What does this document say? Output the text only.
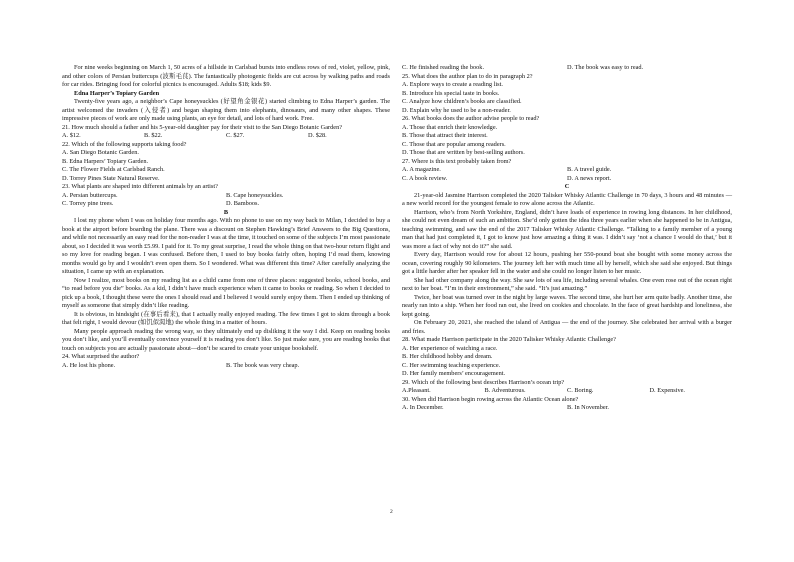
For nine weeks beginning on March 1, 50 acres of a hillside in Carlsbad bursts into endless rows of red, violet, yellow, pink, and other colors of Persian buttercups (波斯毛茛). The fantastically photogenic fields are cut across by walking paths and roads for car rides. Bringing food for colorful picnics is encouraged. Adults $18; kids $9.

Edna Harper’s Topiary Garden

Twenty-five years ago, a neighbor’s Cape honeysuckles (好望角金银花) started climbing to Edna Harper’s garden. The artist welcomed the invaders (入侵者) and began shaping them into elephants, dinosaurs, and many other shapes. These impressive pieces of work are only made using plants, an eye for detail, and lots of hard work. Free.

21. How much should a father and his 5-year-old daughter pay for their visit to the San Diego Botanic Garden?

A. $12.	B. $22.	C. $27.	D. $28.

22. Which of the following supports taking food?

A. San Diego Botanic Garden.

B. Edna Harpers’ Topiary Garden.

C. The Flower Fields at Carlsbad Ranch.

D. Torrey Pines State Natural Reserve.

23. What plants are shaped into different animals by an artist?

A. Persian buttercups.	B. Cape honeysuckles.
C. Torrey pine trees.	D. Bamboos.

B

I lost my phone when I was on holiday four months ago. With no phone to use on my way back to Milan, I decided to buy a book at the airport before boarding the plane. There was a discount on Stephen Hawking’s Brief Answers to the Big Questions, and while not necessarily an easy read for the non-reader I was at the time, it touched on some of the subjects I’m most passionate about, so I decided it was worth £5.99. I paid for it. To my great surprise, I read the whole thing on that two-hour return flight and so my love for reading began. I was confused. Before then, I used to buy books fairly often, hoping I’d read them, knowing months would go by and I wouldn’t even open them. So I wondered. What was different this time? After carefully analyzing the situation, I came up with an explanation.

Now I realize, most books on my reading list as a child came from one of three places: suggested books, school books, and “to read before you die” books. As a kid, I didn’t have much experience when it came to books or reading. So when I decided to pick up a book, I thought these were the ones I should read and I believed I would surely enjoy them. Then I ended up thinking of myself as someone that simply didn’t like reading.

It is obvious, in hindsight (在事后看来), that I actually really enjoyed reading. The few times I got to skim through a book that felt right, I would devour (如饥似渴地) the whole thing in a matter of hours.

Many people approach reading the wrong way, so they ultimately end up disliking it the way I did. Keep on reading books you don’t like, and you’ll eventually convince yourself it is reading you don’t like. So just make sure, you are reading books that touch on subjects you are actually passionate about—don’t be scared to create your unique bookshelf.

24. What surprised the author?

A. He lost his phone.	B. The book was very cheap.
C. He finished reading the book.	D. The book was easy to read.

25. What does the author plan to do in paragraph 2?

A. Explore ways to create a reading list.

B. Introduce his special taste in books.

C. Analyze how children’s books are classified.

D. Explain why he used to be a non-reader.

26. What books does the author advise people to read?

A. Those that enrich their knowledge.

B. Those that attract their interest.

C. Those that are popular among readers.

D. Those that are written by best-selling authors.

27. Where is this text probably taken from?

A. A magazine.	B. A travel guide.
C. A book review.	D. A news report.

C

21-year-old Jasmine Harrison completed the 2020 Talisker Whisky Atlantic Challenge in 70 days, 3 hours and 48 minutes — a new world record for the youngest female to row alone across the Atlantic.

Harrison, who’s from North Yorkshire, England, didn’t have loads of experience in rowing long distances. In her childhood, she could not even dream of such an ambition. She’d only gotten the idea three years earlier when she happened to be in Antigua, teaching swimming, and saw the end of the 2017 Talisker Whisky Atlantic Challenge. “Talking to a family member of a young man that had just completed it, I got to know just how amazing a thing it was. I didn’t say ‘not a chance I would do that,’ but it was more a fact of why not do it?” she said.

Every day, Harrison would row for about 12 hours, pushing her 550-pound boat she bought with some money across the ocean, covering roughly 90 kilometers. The journey left her with much time all by herself, which she said she enjoyed. But things got a little harder after her speaker fell in the water and she could no longer listen to her music.

She had other company along the way. She saw lots of sea life, including several whales. One even rose out of the ocean right next to her boat. “I’m in their environment,” she said. “It’s just amazing.”

Twice, her boat was turned over in the night by large waves. The second time, she hurt her arm quite badly. Another time, she nearly ran into a ship. When her food ran out, she lived on cookies and chocolate. In the face of great hardship and loneliness, she kept going.

On February 20, 2021, she reached the island of Antigua — the end of the journey. She celebrated her arrival with a burger and fries.

28. What made Harrison participate in the 2020 Talisker Whisky Atlantic Challenge?

A. Her experience of watching a race.

B. Her childhood hobby and dream.

C. Her swimming teaching experience.

D. Her family members’ encouragement.

29. Which of the following best describes Harrison’s ocean trip?

A.Pleasant.	B. Adventurous.	C. Boring.	D. Expensive.

30. When did Harrison begin rowing across the Atlantic Ocean alone?

A. In December.	B. In November.
2
